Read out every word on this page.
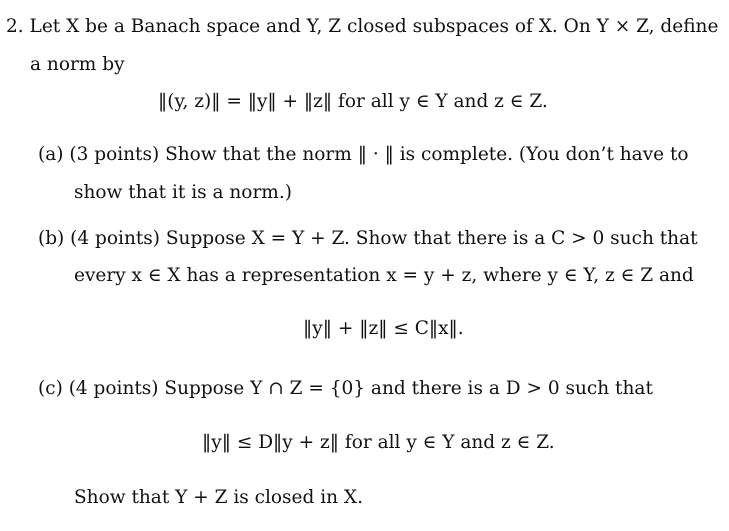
2. Let X be a Banach space and Y, Z closed subspaces of X. On Y × Z, define
a norm by
‖(y, z)‖ = ‖y‖ + ‖z‖ for all y ∈ Y and z ∈ Z.
(a) (3 points) Show that the norm ‖ · ‖ is complete. (You don’t have to
show that it is a norm.)
(b) (4 points) Suppose X = Y + Z. Show that there is a C > 0 such that
every x ∈ X has a representation x = y + z, where y ∈ Y, z ∈ Z and
‖y‖ + ‖z‖ ≤ C‖x‖.
(c) (4 points) Suppose Y ∩ Z = {0} and there is a D > 0 such that
‖y‖ ≤ D‖y + z‖ for all y ∈ Y and z ∈ Z.
Show that Y + Z is closed in X.
